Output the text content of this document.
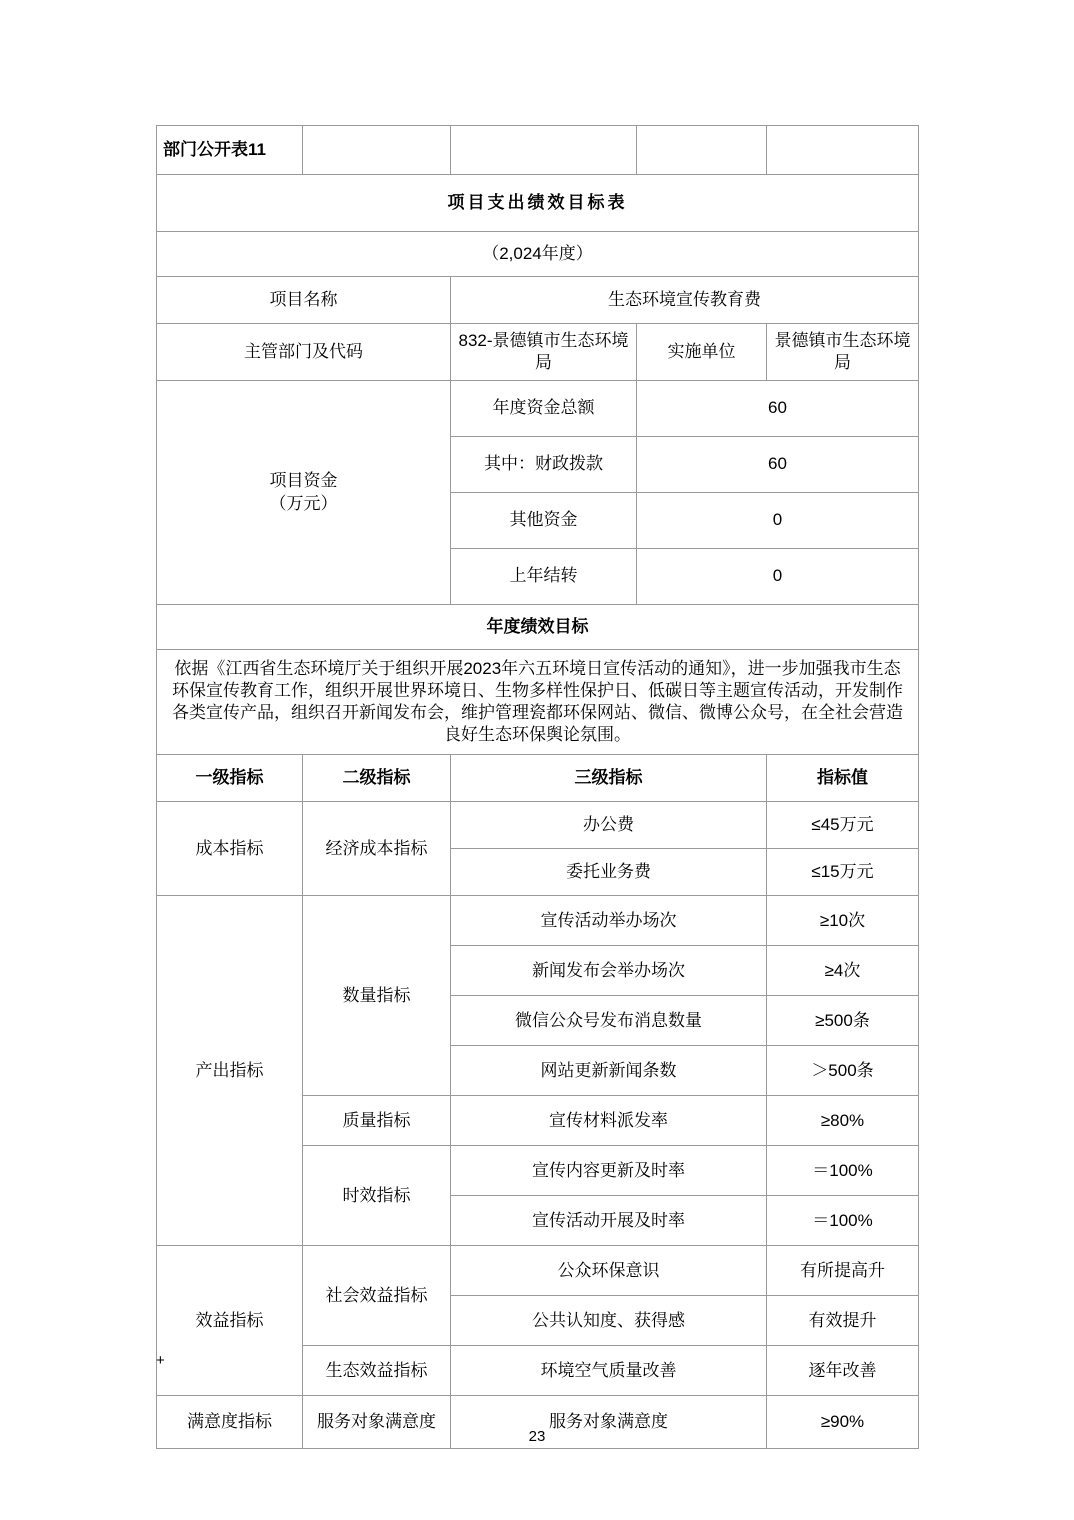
部门公开表11				
项目支出绩效目标表				
（2,024年度）				
项目名称		生态环境宣传教育费		
主管部门及代码		832-景德镇市生态环境局	实施单位	景德镇市生态环境局

项目资金
（万元）		年度资金总额	60	
		其中：财政拨款	60	
		其他资金	0	
		上年结转	0	
年度绩效目标				
依据《江西省生态环境厅关于组织开展2023年六五环境日宣传活动的通知》，进一步加强我市生态环保宣传教育工作，组织开展世界环境日、生物多样性保护日、低碳日等主题宣传活动，开发制作各类宣传产品，组织召开新闻发布会，维护管理瓷都环保网站、微信、微博公众号，在全社会营造良好生态环保舆论氛围。				
一级指标	二级指标	三级指标		指标值
成本指标	经济成本指标	办公费		≤45万元
		委托业务费		≤15万元
产出指标	数量指标	宣传活动举办场次		≥10次
		新闻发布会举办场次		≥4次
		微信公众号发布消息数量		≥500条
		网站更新新闻条数		＞500条
	质量指标	宣传材料派发率		≥80%
	时效指标	宣传内容更新及时率		＝100%
		宣传活动开展及时率		＝100%
效益指标	社会效益指标	公众环保意识		有所提高升
		公共认知度、获得感		有效提升
	生态效益指标	环境空气质量改善		逐年改善
满意度指标	服务对象满意度	服务对象满意度		≥90%
+
23
